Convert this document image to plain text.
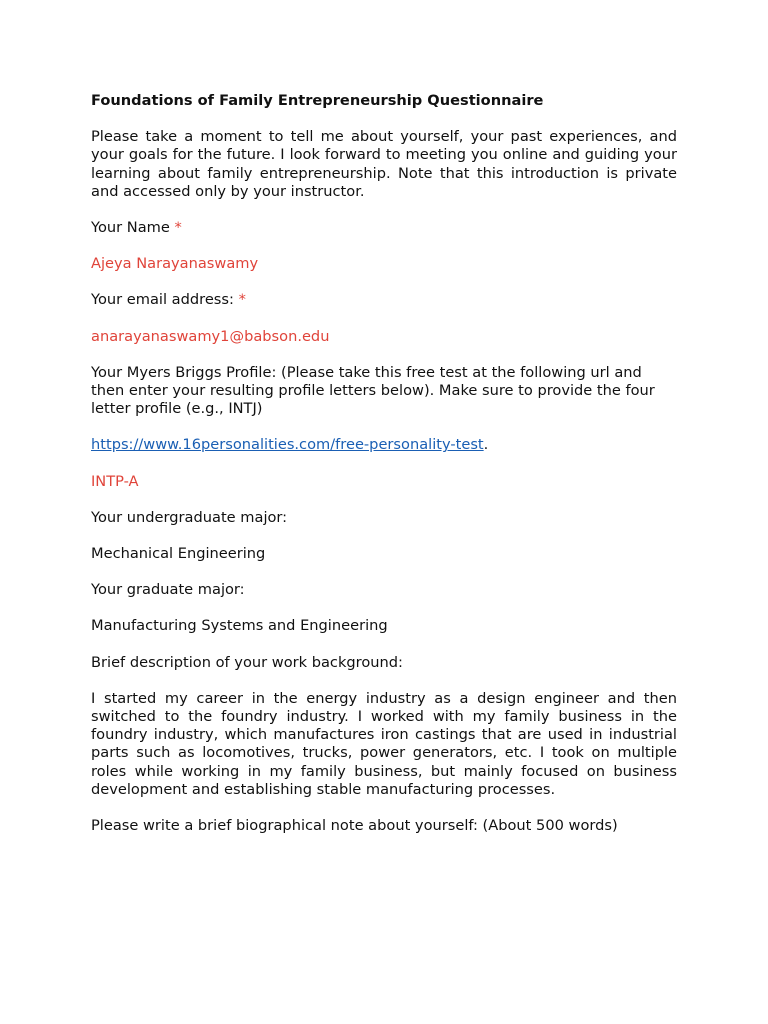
Foundations of Family Entrepreneurship Questionnaire

Please take a moment to tell me about yourself, your past experiences, and your goals for the future. I look forward to meeting you online and guiding your learning about family entrepreneurship. Note that this introduction is private and accessed only by your instructor.

Your Name *

Ajeya Narayanaswamy

Your email address: *

anarayanaswamy1@babson.edu

Your Myers Briggs Profile: (Please take this free test at the following url and then enter your resulting profile letters below). Make sure to provide the four letter profile (e.g., INTJ)

https://www.16personalities.com/free-personality-test.

INTP-A

Your undergraduate major:

Mechanical Engineering

Your graduate major:

Manufacturing Systems and Engineering

Brief description of your work background:

I started my career in the energy industry as a design engineer and then switched to the foundry industry. I worked with my family business in the foundry industry, which manufactures iron castings that are used in industrial parts such as locomotives, trucks, power generators, etc. I took on multiple roles while working in my family business, but mainly focused on business development and establishing stable manufacturing processes.

Please write a brief biographical note about yourself: (About 500 words)
